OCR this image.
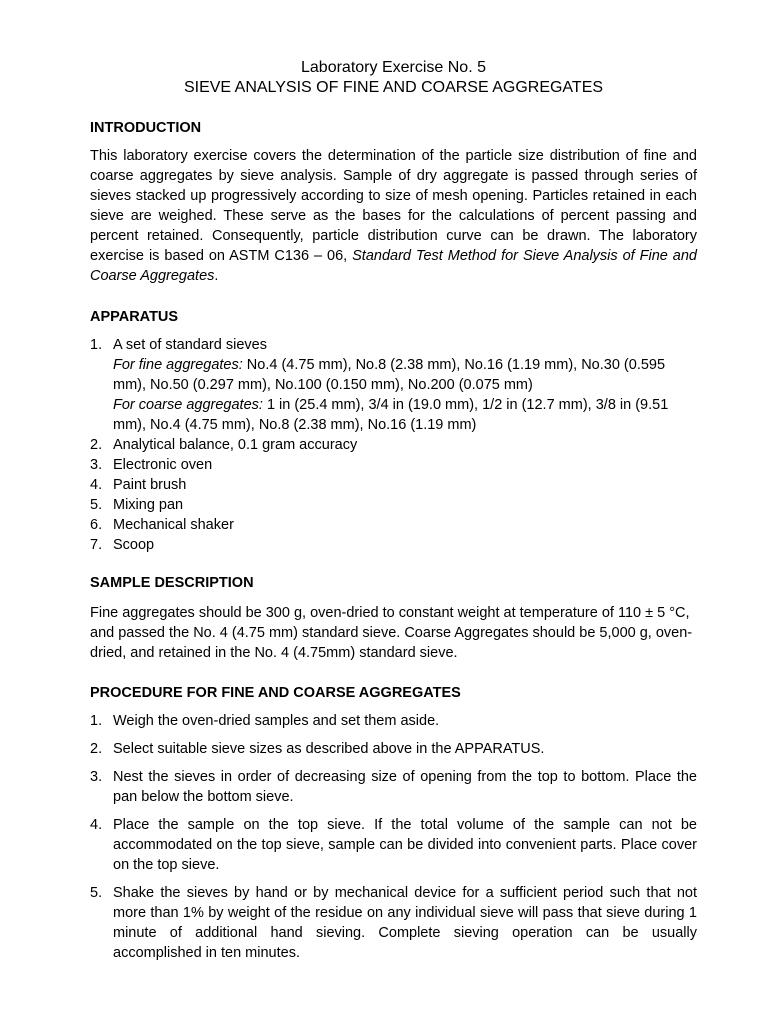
Laboratory Exercise No. 5
SIEVE ANALYSIS OF FINE AND COARSE AGGREGATES
INTRODUCTION

This laboratory exercise covers the determination of the particle size distribution of fine and coarse aggregates by sieve analysis. Sample of dry aggregate is passed through series of sieves stacked up progressively according to size of mesh opening. Particles retained in each sieve are weighed. These serve as the bases for the calculations of percent passing and percent retained. Consequently, particle distribution curve can be drawn. The laboratory exercise is based on ASTM C136 – 06, Standard Test Method for Sieve Analysis of Fine and Coarse Aggregates.

APPARATUS
1. A set of standard sieves
For fine aggregates: No.4 (4.75 mm), No.8 (2.38 mm), No.16 (1.19 mm), No.30 (0.595 mm), No.50 (0.297 mm), No.100 (0.150 mm), No.200 (0.075 mm)
For coarse aggregates: 1 in (25.4 mm), 3/4 in (19.0 mm), 1/2 in (12.7 mm), 3/8 in (9.51 mm), No.4 (4.75 mm), No.8 (2.38 mm), No.16 (1.19 mm)
2. Analytical balance, 0.1 gram accuracy
3. Electronic oven
4. Paint brush
5. Mixing pan
6. Mechanical shaker
7. Scoop
SAMPLE DESCRIPTION

Fine aggregates should be 300 g, oven-dried to constant weight at temperature of 110 ± 5 °C, and passed the No. 4 (4.75 mm) standard sieve. Coarse Aggregates should be 5,000 g, oven-dried, and retained in the No. 4 (4.75mm) standard sieve.

PROCEDURE FOR FINE AND COARSE AGGREGATES
1. Weigh the oven-dried samples and set them aside.
2. Select suitable sieve sizes as described above in the APPARATUS.
3. Nest the sieves in order of decreasing size of opening from the top to bottom. Place the pan below the bottom sieve.
4. Place the sample on the top sieve. If the total volume of the sample can not be accommodated on the top sieve, sample can be divided into convenient parts. Place cover on the top sieve.
5. Shake the sieves by hand or by mechanical device for a sufficient period such that not more than 1% by weight of the residue on any individual sieve will pass that sieve during 1 minute of additional hand sieving. Complete sieving operation can be usually accomplished in ten minutes.
